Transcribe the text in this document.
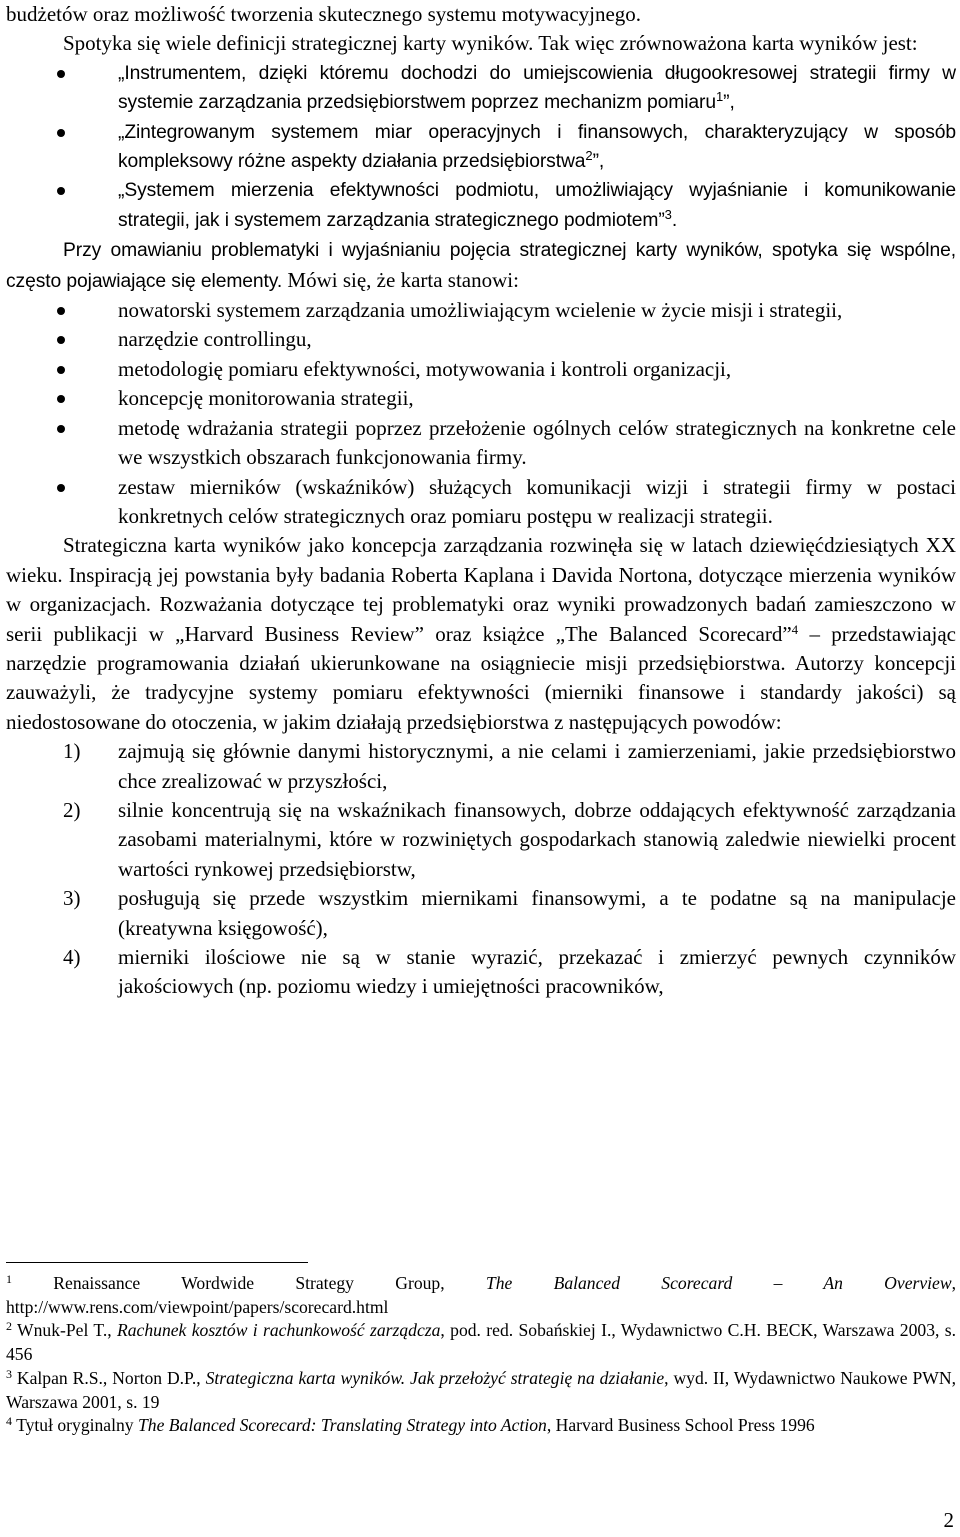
budżetów oraz możliwość tworzenia skutecznego systemu motywacyjnego.

Spotyka się wiele definicji strategicznej karty wyników. Tak więc zrównoważona karta wyników jest:

„Instrumentem, dzięki któremu dochodzi do umiejscowienia długookresowej strategii firmy w systemie zarządzania przedsiębiorstwem poprzez mechanizm pomiaru$^1$”,
„Zintegrowanym systemem miar operacyjnych i finansowych, charakteryzujący w sposób kompleksowy różne aspekty działania przedsiębiorstwa$^2$”,
„Systemem mierzenia efektywności podmiotu, umożliwiający wyjaśnianie i komunikowanie strategii, jak i systemem zarządzania strategicznego podmiotem”$^3$.

Przy omawianiu problematyki i wyjaśnianiu pojęcia strategicznej karty wyników, spotyka się wspólne, często pojawiające się elementy. Mówi się, że karta stanowi:

nowatorski systemem zarządzania umożliwiającym wcielenie w życie misji i strategii,
narzędzie controllingu,
metodologię pomiaru efektywności, motywowania i kontroli organizacji,
koncepcję monitorowania strategii,
metodę wdrażania strategii poprzez przełożenie ogólnych celów strategicznych na konkretne cele we wszystkich obszarach funkcjonowania firmy.
zestaw mierników (wskaźników) służących komunikacji wizji i strategii firmy w postaci konkretnych celów strategicznych oraz pomiaru postępu w realizacji strategii.

Strategiczna karta wyników jako koncepcja zarządzania rozwinęła się w latach dziewięćdziesiątych XX wieku. Inspiracją jej powstania były badania Roberta Kaplana i Davida Nortona, dotyczące mierzenia wyników w organizacjach. Rozważania dotyczące tej problematyki oraz wyniki prowadzonych badań zamieszczono w serii publikacji w „Harvard Business Review” oraz książce „The Balanced Scorecard”$^4$ – przedstawiając narzędzie programowania działań ukierunkowane na osiągniecie misji przedsiębiorstwa. Autorzy koncepcji zauważyli, że tradycyjne systemy pomiaru efektywności (mierniki finansowe i standardy jakości) są niedostosowane do otoczenia, w jakim działają przedsiębiorstwa z następujących powodów:

1) zajmują się głównie danymi historycznymi, a nie celami i zamierzeniami, jakie przedsiębiorstwo chce zrealizować w przyszłości,
2) silnie koncentrują się na wskaźnikach finansowych, dobrze oddających efektywność zarządzania zasobami materialnymi, które w rozwiniętych gospodarkach stanowią zaledwie niewielki procent wartości rynkowej przedsiębiorstw,
3) posługują się przede wszystkim miernikami finansowymi, a te podatne są na manipulacje (kreatywna księgowość),
4) mierniki ilościowe nie są w stanie wyrazić, przekazać i zmierzyć pewnych czynników jakościowych (np. poziomu wiedzy i umiejętności pracowników,

$^1$ Renaissance Wordwide Strategy Group, The Balanced Scorecard – An Overview, http://www.rens.com/viewpoint/papers/scorecard.html

$^2$ Wnuk-Pel T., Rachunek kosztów i rachunkowość zarządcza, pod. red. Sobańskiej I., Wydawnictwo C.H. BECK, Warszawa 2003, s. 456

$^3$ Kalpan R.S., Norton D.P., Strategiczna karta wyników. Jak przełożyć strategię na działanie, wyd. II, Wydawnictwo Naukowe PWN, Warszawa 2001, s. 19

$^4$ Tytuł oryginalny The Balanced Scorecard: Translating Strategy into Action, Harvard Business School Press 1996

2
